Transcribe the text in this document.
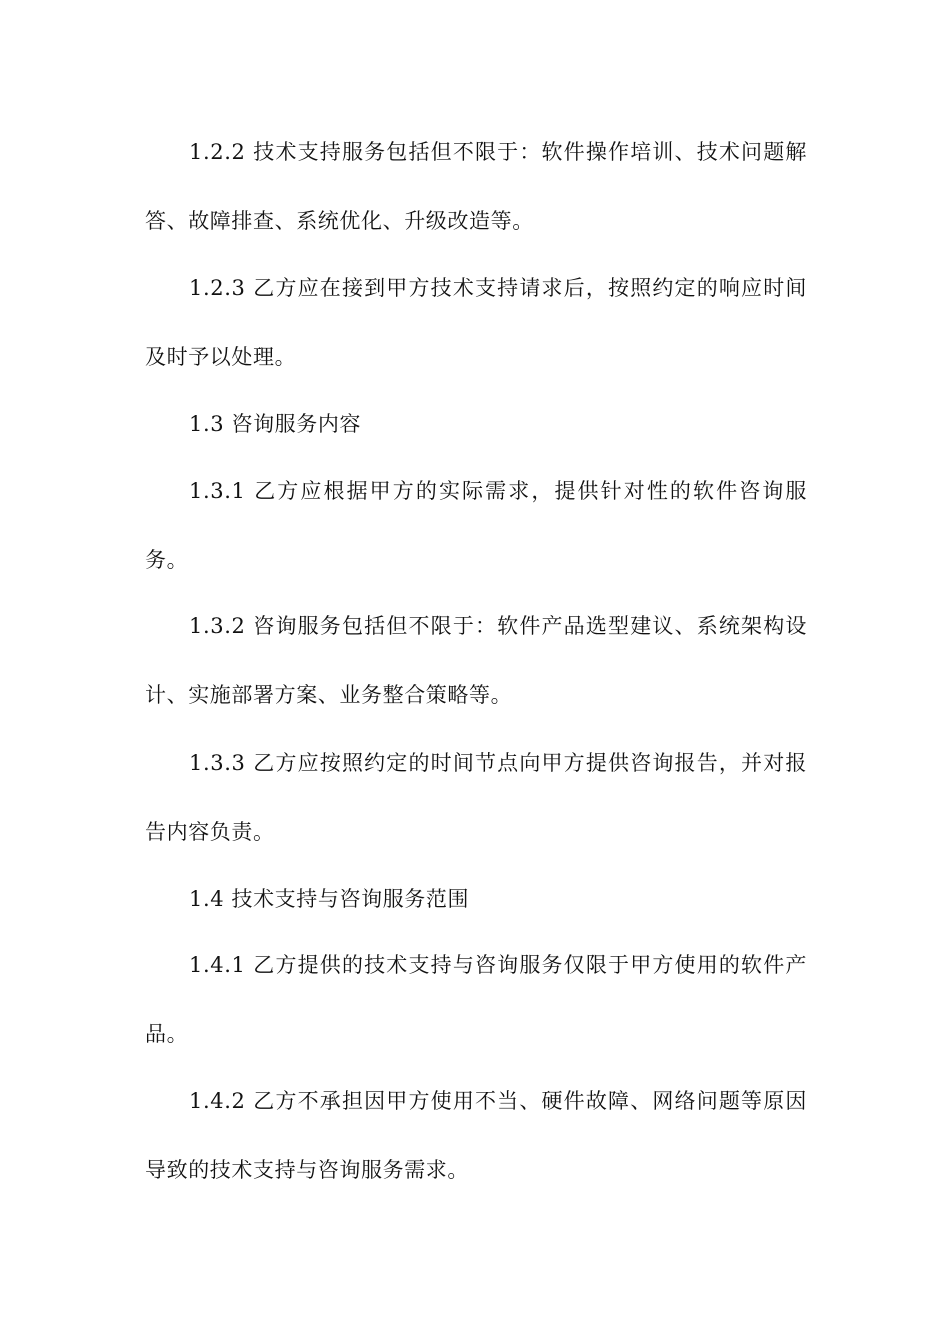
1.2.2 技术支持服务包括但不限于：软件操作培训、技术问题解答、故障排查、系统优化、升级改造等。

1.2.3 乙方应在接到甲方技术支持请求后，按照约定的响应时间及时予以处理。

1.3 咨询服务内容

1.3.1 乙方应根据甲方的实际需求，提供针对性的软件咨询服务。

1.3.2 咨询服务包括但不限于：软件产品选型建议、系统架构设计、实施部署方案、业务整合策略等。

1.3.3 乙方应按照约定的时间节点向甲方提供咨询报告，并对报告内容负责。

1.4 技术支持与咨询服务范围

1.4.1 乙方提供的技术支持与咨询服务仅限于甲方使用的软件产品。

1.4.2 乙方不承担因甲方使用不当、硬件故障、网络问题等原因导致的技术支持与咨询服务需求。
